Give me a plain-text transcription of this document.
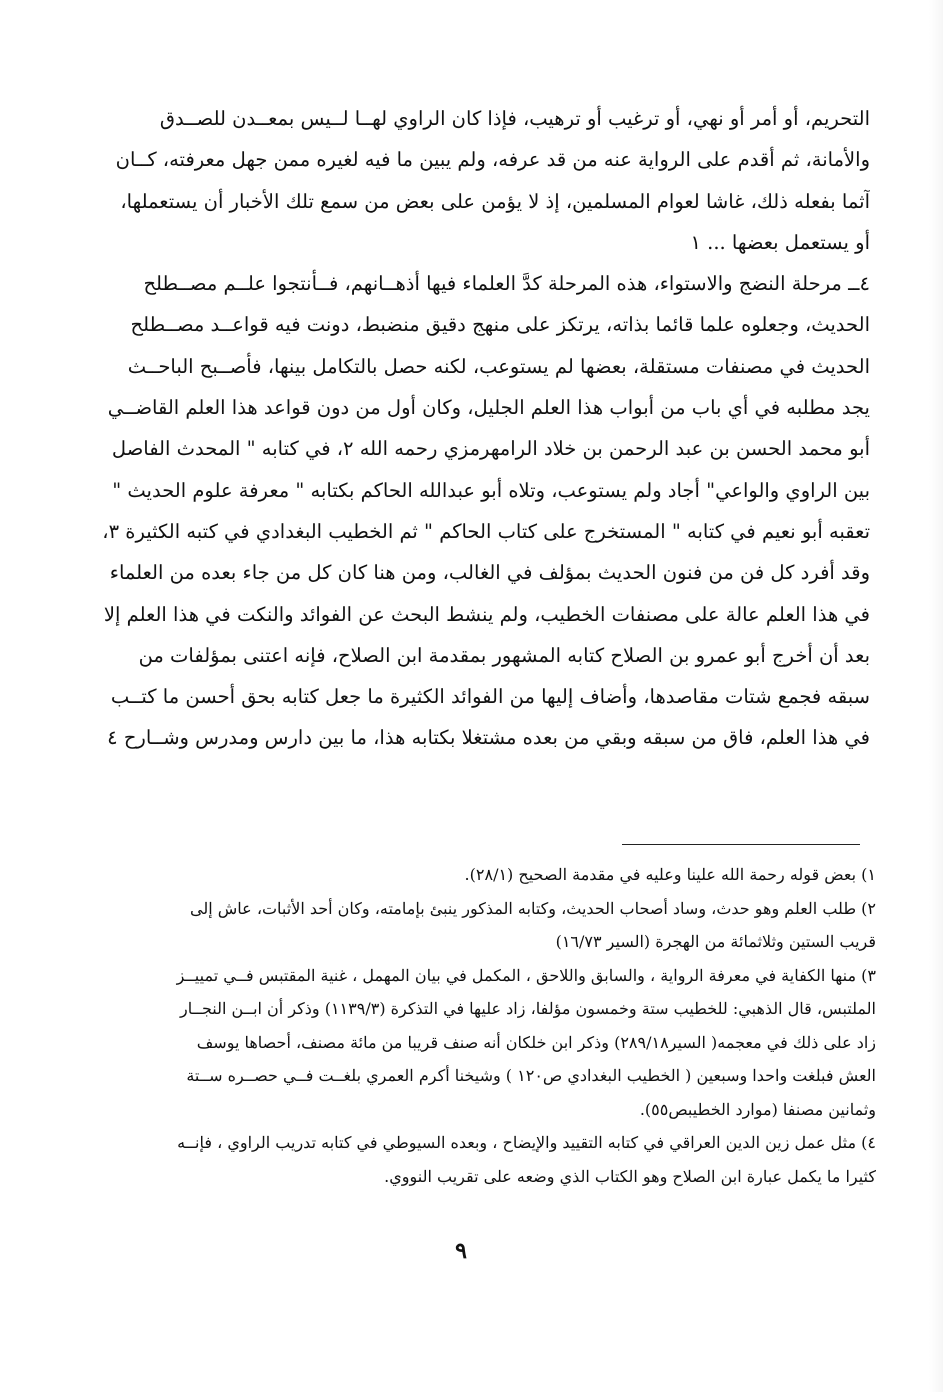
التحريم، أو أمر أو نهي، أو ترغيب أو ترهيب، فإذا كان الراوي لهــا لــيس بمعــدن للصــدق
والأمانة، ثم أقدم على الرواية عنه من قد عرفه، ولم يبين ما فيه لغيره ممن جهل معرفته، كــان
آثما بفعله ذلك، غاشا لعوام المسلمين، إذ لا يؤمن على بعض من سمع تلك الأخبار أن يستعملها،
أو يستعمل بعضها ... ١
٤ــ مرحلة النضج والاستواء، هذه المرحلة كدَّ العلماء فيها أذهــانهم، فــأنتجوا علــم مصــطلح
الحديث، وجعلوه علما قائما بذاته، يرتكز على منهج دقيق منضبط، دونت فيه قواعــد مصــطلح
الحديث في مصنفات مستقلة، بعضها لم يستوعب، لكنه حصل بالتكامل بينها، فأصــبح الباحــث
يجد مطلبه في أي باب من أبواب هذا العلم الجليل، وكان أول من دون قواعد هذا العلم القاضــي
أبو محمد الحسن بن عبد الرحمن بن خلاد الرامهرمزي رحمه الله ٢، في كتابه " المحدث الفاصل
بين الراوي والواعي" أجاد ولم يستوعب، وتلاه أبو عبدالله الحاكم بكتابه " معرفة علوم الحديث "
تعقبه أبو نعيم في كتابه " المستخرج على كتاب الحاكم " ثم الخطيب البغدادي في كتبه الكثيرة ٣،
وقد أفرد كل فن من فنون الحديث بمؤلف في الغالب، ومن هنا كان كل من جاء بعده من العلماء
في هذا العلم عالة على مصنفات الخطيب، ولم ينشط البحث عن الفوائد والنكت في هذا العلم إلا
بعد أن أخرج أبو عمرو بن الصلاح كتابه المشهور بمقدمة ابن الصلاح، فإنه اعتنى بمؤلفات من
سبقه فجمع شتات مقاصدها، وأضاف إليها من الفوائد الكثيرة ما جعل كتابه بحق أحسن ما كتــب
في هذا العلم، فاق من سبقه وبقي من بعده مشتغلا بكتابه هذا، ما بين دارس ومدرس وشــارح ٤
١) بعض قوله رحمة الله علينا وعليه في مقدمة الصحيح (٢٨/١).
٢) طلب العلم وهو حدث، وساد أصحاب الحديث، وكتابه المذكور ينبئ بإمامته، وكان أحد الأثبات، عاش إلى
قريب الستين وثلاثمائة من الهجرة (السير ١٦/٧٣)
٣) منها الكفاية في معرفة الرواية ، والسابق واللاحق ، المكمل في بيان المهمل ، غنية المقتبس فــي تمييــز
الملتبس، قال الذهبي: للخطيب ستة وخمسون مؤلفا، زاد عليها في التذكرة (١١٣٩/٣) وذكر أن ابــن النجــار
زاد على ذلك في معجمه( السير٢٨٩/١٨) وذكر ابن خلكان أنه صنف قريبا من مائة مصنف، أحصاها يوسف
العش فبلغت واحدا وسبعين ( الخطيب البغدادي ص١٢٠ ) وشيخنا أكرم العمري بلغــت فــي حصــره ســتة
وثمانين مصنفا (موارد الخطيبص٥٥).
٤) مثل عمل زين الدين العراقي في كتابه التقييد والإيضاح ، وبعده السيوطي في كتابه تدريب الراوي ، فإنــه
كثيرا ما يكمل عبارة ابن الصلاح وهو الكتاب الذي وضعه على تقريب النووي.
٩
